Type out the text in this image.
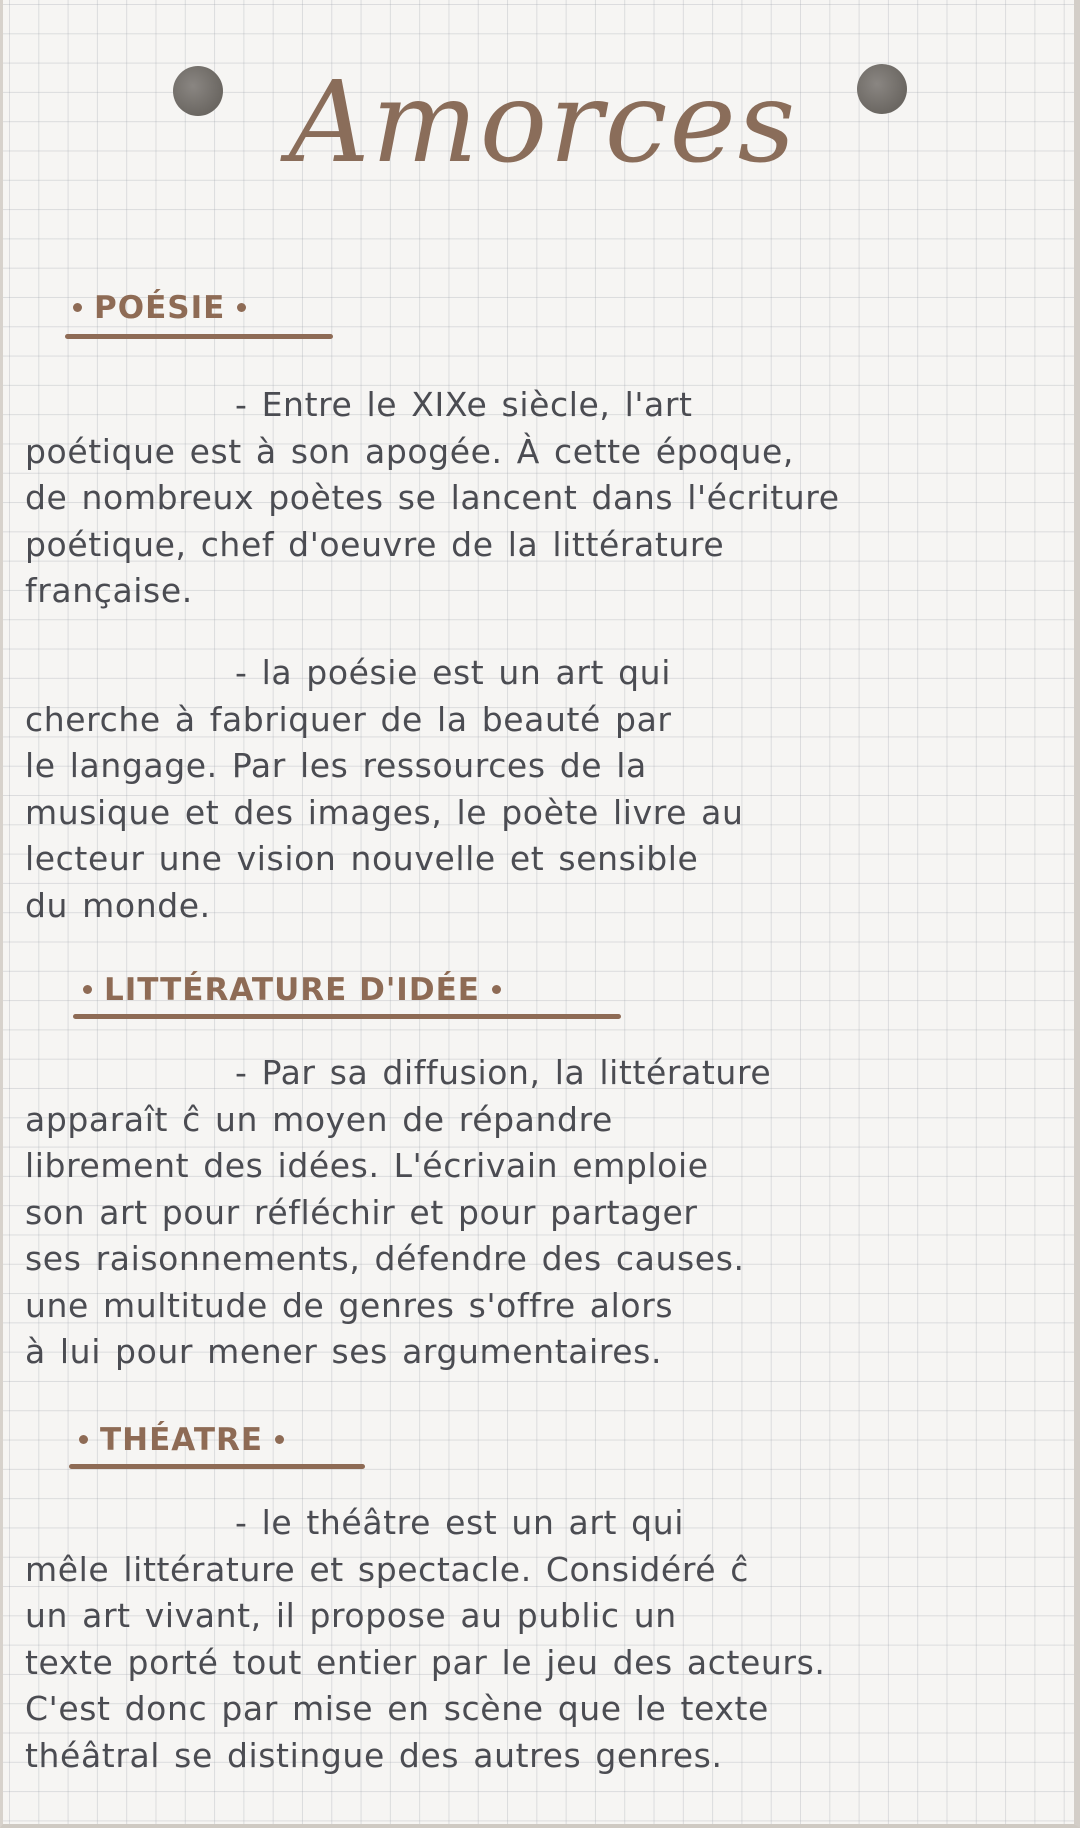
Amorces
POÉSIE
- Entre le XIXe siècle, l'art
poétique est à son apogée. À cette époque,
de nombreux poètes se lancent dans l'écriture
poétique, chef d'oeuvre de la littérature
française.
- la poésie est un art qui
cherche à fabriquer de la beauté par
le langage. Par les ressources de la
musique et des images, le poète livre au
lecteur une vision nouvelle et sensible
du monde.
LITTÉRATURE D'IDÉE
- Par sa diffusion, la littérature
apparaît ĉ un moyen de répandre
librement des idées. L'écrivain emploie
son art pour réfléchir et pour partager
ses raisonnements, défendre des causes.
une multitude de genres s'offre alors
à lui pour mener ses argumentaires.
THÉATRE
- le théâtre est un art qui
mêle littérature et spectacle. Considéré ĉ
un art vivant, il propose au public un
texte porté tout entier par le jeu des acteurs.
C'est donc par mise en scène que le texte
théâtral se distingue des autres genres.
